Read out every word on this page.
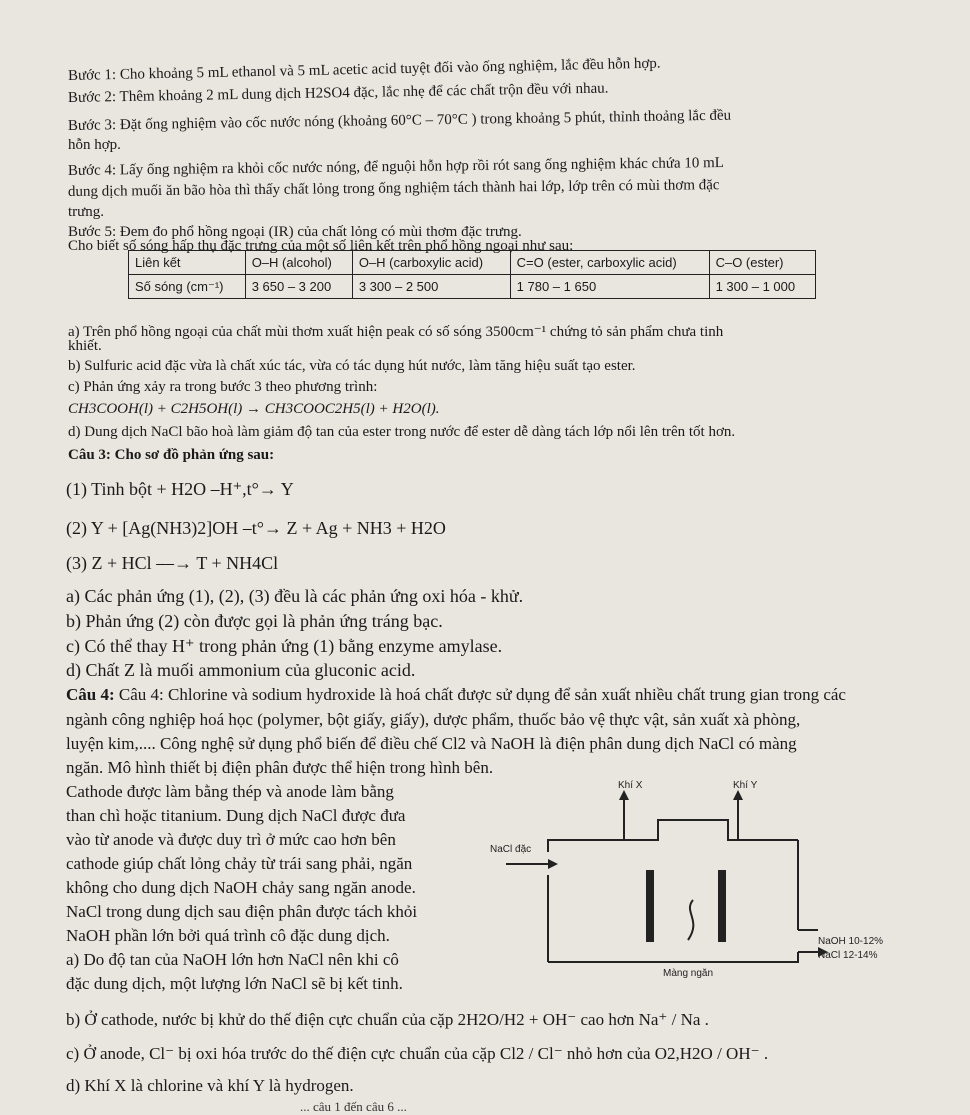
Bước 1: Cho khoảng 5 mL ethanol và 5 mL acetic acid tuyệt đối vào ống nghiệm, lắc đều hỗn hợp.
Bước 2: Thêm khoảng 2 mL dung dịch H2SO4 đặc, lắc nhẹ để các chất trộn đều với nhau.
Bước 3: Đặt ống nghiệm vào cốc nước nóng (khoảng 60°C – 70°C ) trong khoảng 5 phút, thỉnh thoảng lắc đều
hỗn hợp.
Bước 4: Lấy ống nghiệm ra khỏi cốc nước nóng, để nguội hỗn hợp rồi rót sang ống nghiệm khác chứa 10 mL
dung dịch muối ăn bão hòa thì thấy chất lỏng trong ống nghiệm tách thành hai lớp, lớp trên có mùi thơm đặc
trưng.
Bước 5: Đem đo phổ hồng ngoại (IR) của chất lỏng có mùi thơm đặc trưng.
Cho biết số sóng hấp thụ đặc trưng của một số liên kết trên phổ hồng ngoại như sau:
Liên kết	O–H (alcohol)	O–H (carboxylic acid)	C=O (ester, carboxylic acid)	C–O (ester)
Số sóng (cm⁻¹)	3 650 – 3 200	3 300 – 2 500	1 780 – 1 650	1 300 – 1 000
a) Trên phổ hồng ngoại của chất mùi thơm xuất hiện peak có số sóng 3500cm⁻¹ chứng tỏ sản phẩm chưa tinh
khiết.
b) Sulfuric acid đặc vừa là chất xúc tác, vừa có tác dụng hút nước, làm tăng hiệu suất tạo ester.
c) Phản ứng xảy ra trong bước 3 theo phương trình:
CH3COOH(l) + C2H5OH(l) → CH3COOC2H5(l) + H2O(l).
d) Dung dịch NaCl bão hoà làm giảm độ tan của ester trong nước để ester dễ dàng tách lớp nổi lên trên tốt hơn.
Câu 3: Cho sơ đồ phản ứng sau:
(1) Tinh bột + H2O ⎯H⁺,t°→ Y
(2) Y + [Ag(NH3)2]OH ⎯t°→ Z + Ag + NH3 + H2O
(3) Z + HCl ⎯⎯→ T + NH4Cl
a) Các phản ứng (1), (2), (3) đều là các phản ứng oxi hóa - khử.
b) Phản ứng (2) còn được gọi là phản ứng tráng bạc.
c) Có thể thay H⁺ trong phản ứng (1) bằng enzyme amylase.
d) Chất Z là muối ammonium của gluconic acid.
Câu 4: Câu 4: Chlorine và sodium hydroxide là hoá chất được sử dụng để sản xuất nhiều chất trung gian trong các
ngành công nghiệp hoá học (polymer, bột giấy, giấy), dược phẩm, thuốc bảo vệ thực vật, sản xuất xà phòng,
luyện kim,.... Công nghệ sử dụng phổ biến để điều chế Cl2 và NaOH là điện phân dung dịch NaCl có màng
ngăn. Mô hình thiết bị điện phân được thể hiện trong hình bên.
Cathode được làm bằng thép và anode làm bằng
than chì hoặc titanium. Dung dịch NaCl được đưa
vào từ anode và được duy trì ở mức cao hơn bên
cathode giúp chất lỏng chảy từ trái sang phải, ngăn
không cho dung dịch NaOH chảy sang ngăn anode.
NaCl trong dung dịch sau điện phân được tách khỏi
NaOH phần lớn bởi quá trình cô đặc dung dịch.
a) Do độ tan của NaOH lớn hơn NaCl nên khi cô
đặc dung dịch, một lượng lớn NaCl sẽ bị kết tinh.
b) Ở cathode, nước bị khử do thế điện cực chuẩn của cặp 2H2O/H2 + OH⁻ cao hơn Na⁺ / Na .
c) Ở anode, Cl⁻ bị oxi hóa trước do thế điện cực chuẩn của cặp Cl2 / Cl⁻ nhỏ hơn của O2,H2O / OH⁻ .
d) Khí X là chlorine và khí Y là hydrogen.
... câu 1 đến câu 6 ...
Khí X	Khí Y
NaCl đặc
NaOH 10-12%
NaCl 12-14%
Màng ngăn
